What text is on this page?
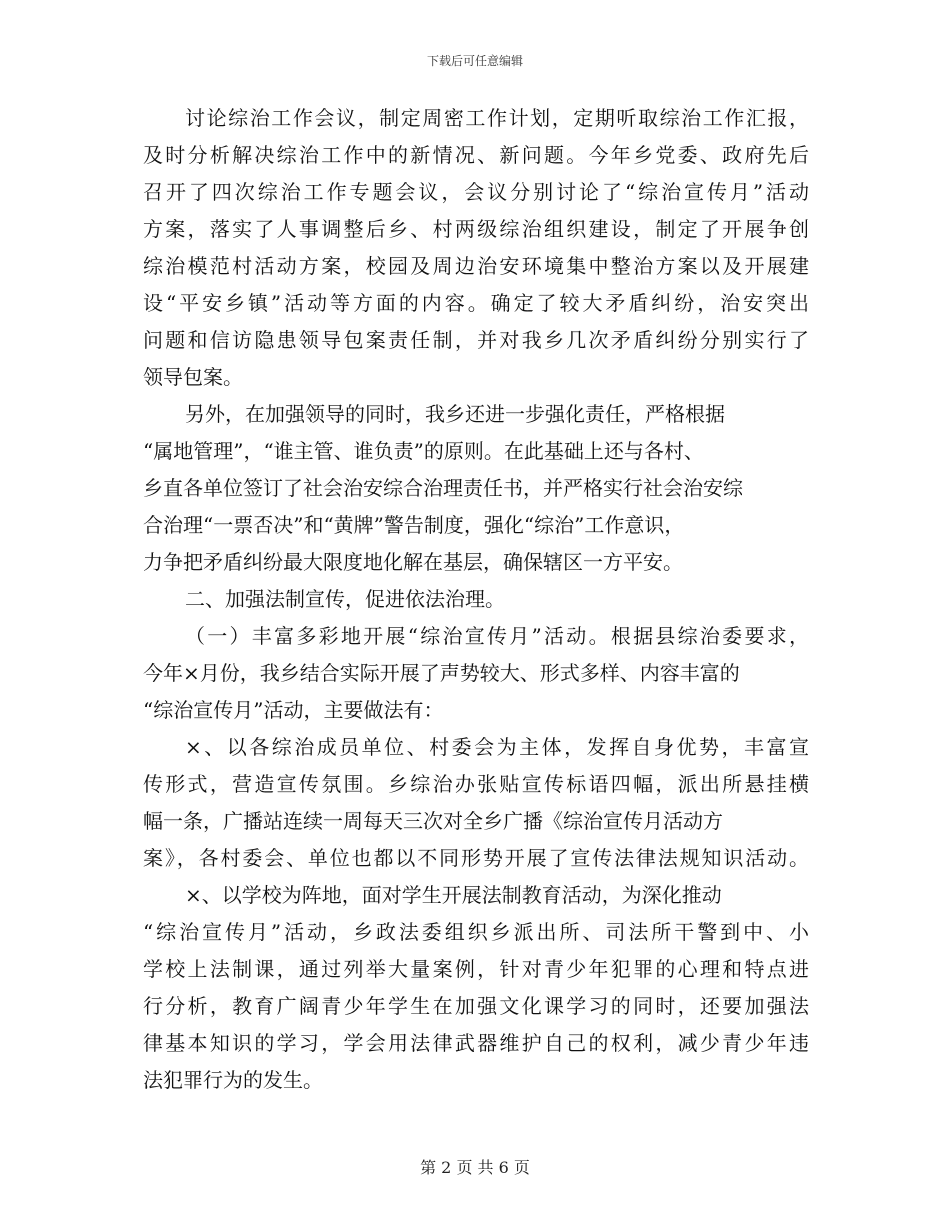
下载后可任意编辑
讨论综治工作会议，制定周密工作计划，定期听取综治工作汇报，
及时分析解决综治工作中的新情况、新问题。今年乡党委、政府先后
召开了四次综治工作专题会议，会议分别讨论了“综治宣传月”活动
方案，落实了人事调整后乡、村两级综治组织建设，制定了开展争创
综治模范村活动方案，校园及周边治安环境集中整治方案以及开展建
设“平安乡镇”活动等方面的内容。确定了较大矛盾纠纷，治安突出
问题和信访隐患领导包案责任制，并对我乡几次矛盾纠纷分别实行了
领导包案。
另外，在加强领导的同时，我乡还进一步强化责任，严格根据
“属地管理”，“谁主管、谁负责”的原则。在此基础上还与各村、
乡直各单位签订了社会治安综合治理责任书，并严格实行社会治安综
合治理“一票否决”和“黄牌”警告制度，强化“综治”工作意识，
力争把矛盾纠纷最大限度地化解在基层，确保辖区一方平安。
二、加强法制宣传，促进依法治理。
（一）丰富多彩地开展“综治宣传月”活动。根据县综治委要求，
今年×月份，我乡结合实际开展了声势较大、形式多样、内容丰富的
“综治宣传月”活动，主要做法有：
×、以各综治成员单位、村委会为主体，发挥自身优势，丰富宣
传形式，营造宣传氛围。乡综治办张贴宣传标语四幅，派出所悬挂横
幅一条，广播站连续一周每天三次对全乡广播《综治宣传月活动方
案》，各村委会、单位也都以不同形势开展了宣传法律法规知识活动。
×、以学校为阵地，面对学生开展法制教育活动，为深化推动
“综治宣传月”活动，乡政法委组织乡派出所、司法所干警到中、小
学校上法制课，通过列举大量案例，针对青少年犯罪的心理和特点进
行分析，教育广阔青少年学生在加强文化课学习的同时，还要加强法
律基本知识的学习，学会用法律武器维护自己的权利，减少青少年违
法犯罪行为的发生。
第 2 页 共 6 页
